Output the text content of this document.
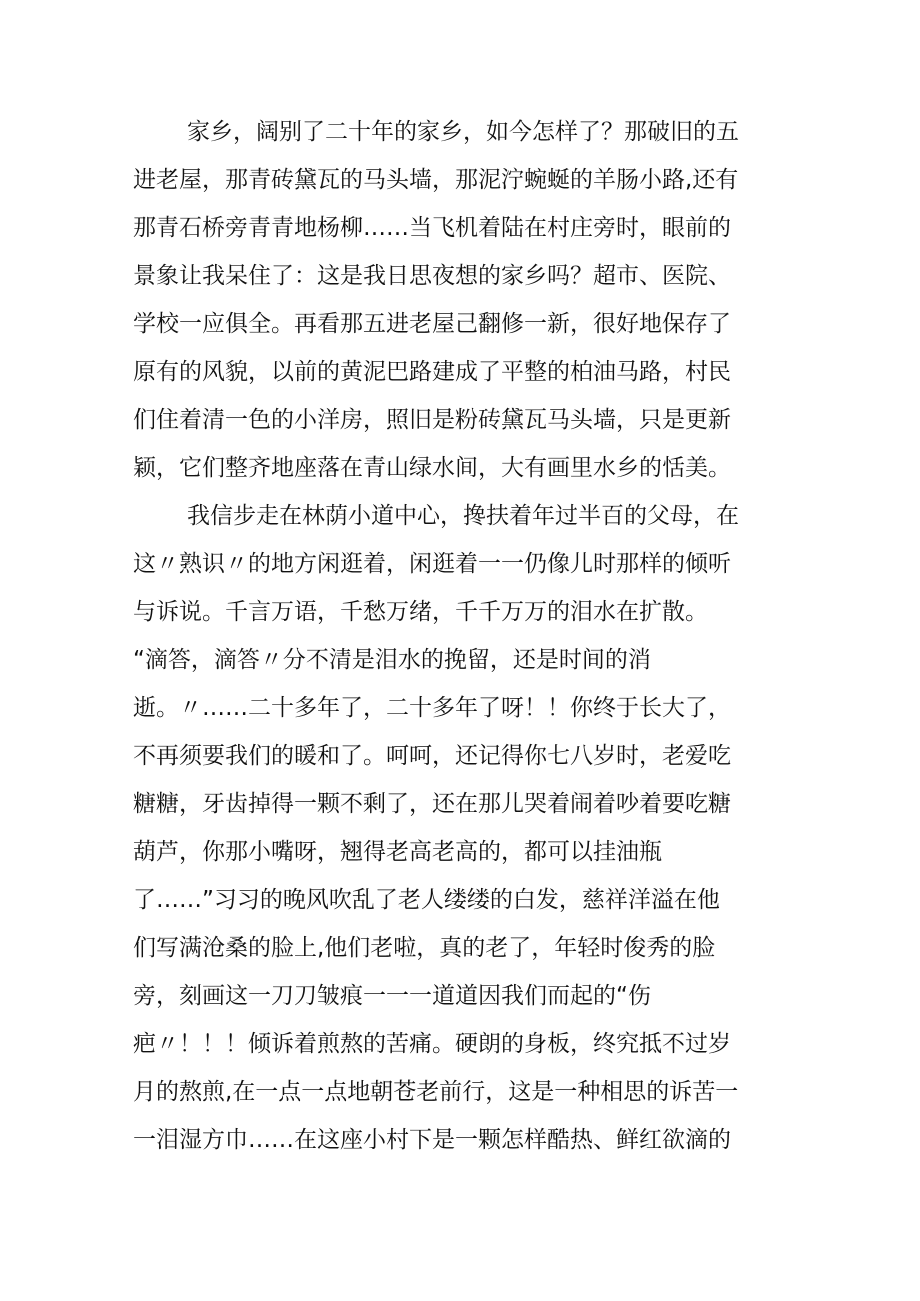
家乡，阔别了二十年的家乡，如今怎样了？那破旧的五
进老屋，那青砖黛瓦的马头墙，那泥泞蜿蜒的羊肠小路,还有
那青石桥旁青青地杨柳……当飞机着陆在村庄旁时，眼前的
景象让我呆住了：这是我日思夜想的家乡吗？超市、医院、
学校一应俱全。再看那五进老屋己翻修一新，很好地保存了
原有的风貌，以前的黄泥巴路建成了平整的柏油马路，村民
们住着清一色的小洋房，照旧是粉砖黛瓦马头墙，只是更新
颖，它们整齐地座落在青山绿水间，大有画里水乡的恬美。
我信步走在林荫小道中心，搀扶着年过半百的父母，在
这〃熟识〃的地方闲逛着，闲逛着一一仍像儿时那样的倾听
与诉说。千言万语，千愁万绪，千千万万的泪水在扩散。
“滴答，滴答〃分不清是泪水的挽留，还是时间的消
逝。〃……二十多年了，二十多年了呀！！你终于长大了，
不再须要我们的暖和了。呵呵，还记得你七八岁时，老爱吃
糖糖，牙齿掉得一颗不剩了，还在那儿哭着闹着吵着要吃糖
葫芦，你那小嘴呀，翘得老高老高的，都可以挂油瓶
了……”习习的晚风吹乱了老人缕缕的白发，慈祥洋溢在他
们写满沧桑的脸上,他们老啦，真的老了，年轻时俊秀的脸
旁，刻画这一刀刀皱痕一一一道道因我们而起的“伤
疤〃！！！倾诉着煎熬的苦痛。硬朗的身板，终究抵不过岁
月的熬煎,在一点一点地朝苍老前行，这是一种相思的诉苦一
一泪湿方巾……在这座小村下是一颗怎样酷热、鲜红欲滴的
